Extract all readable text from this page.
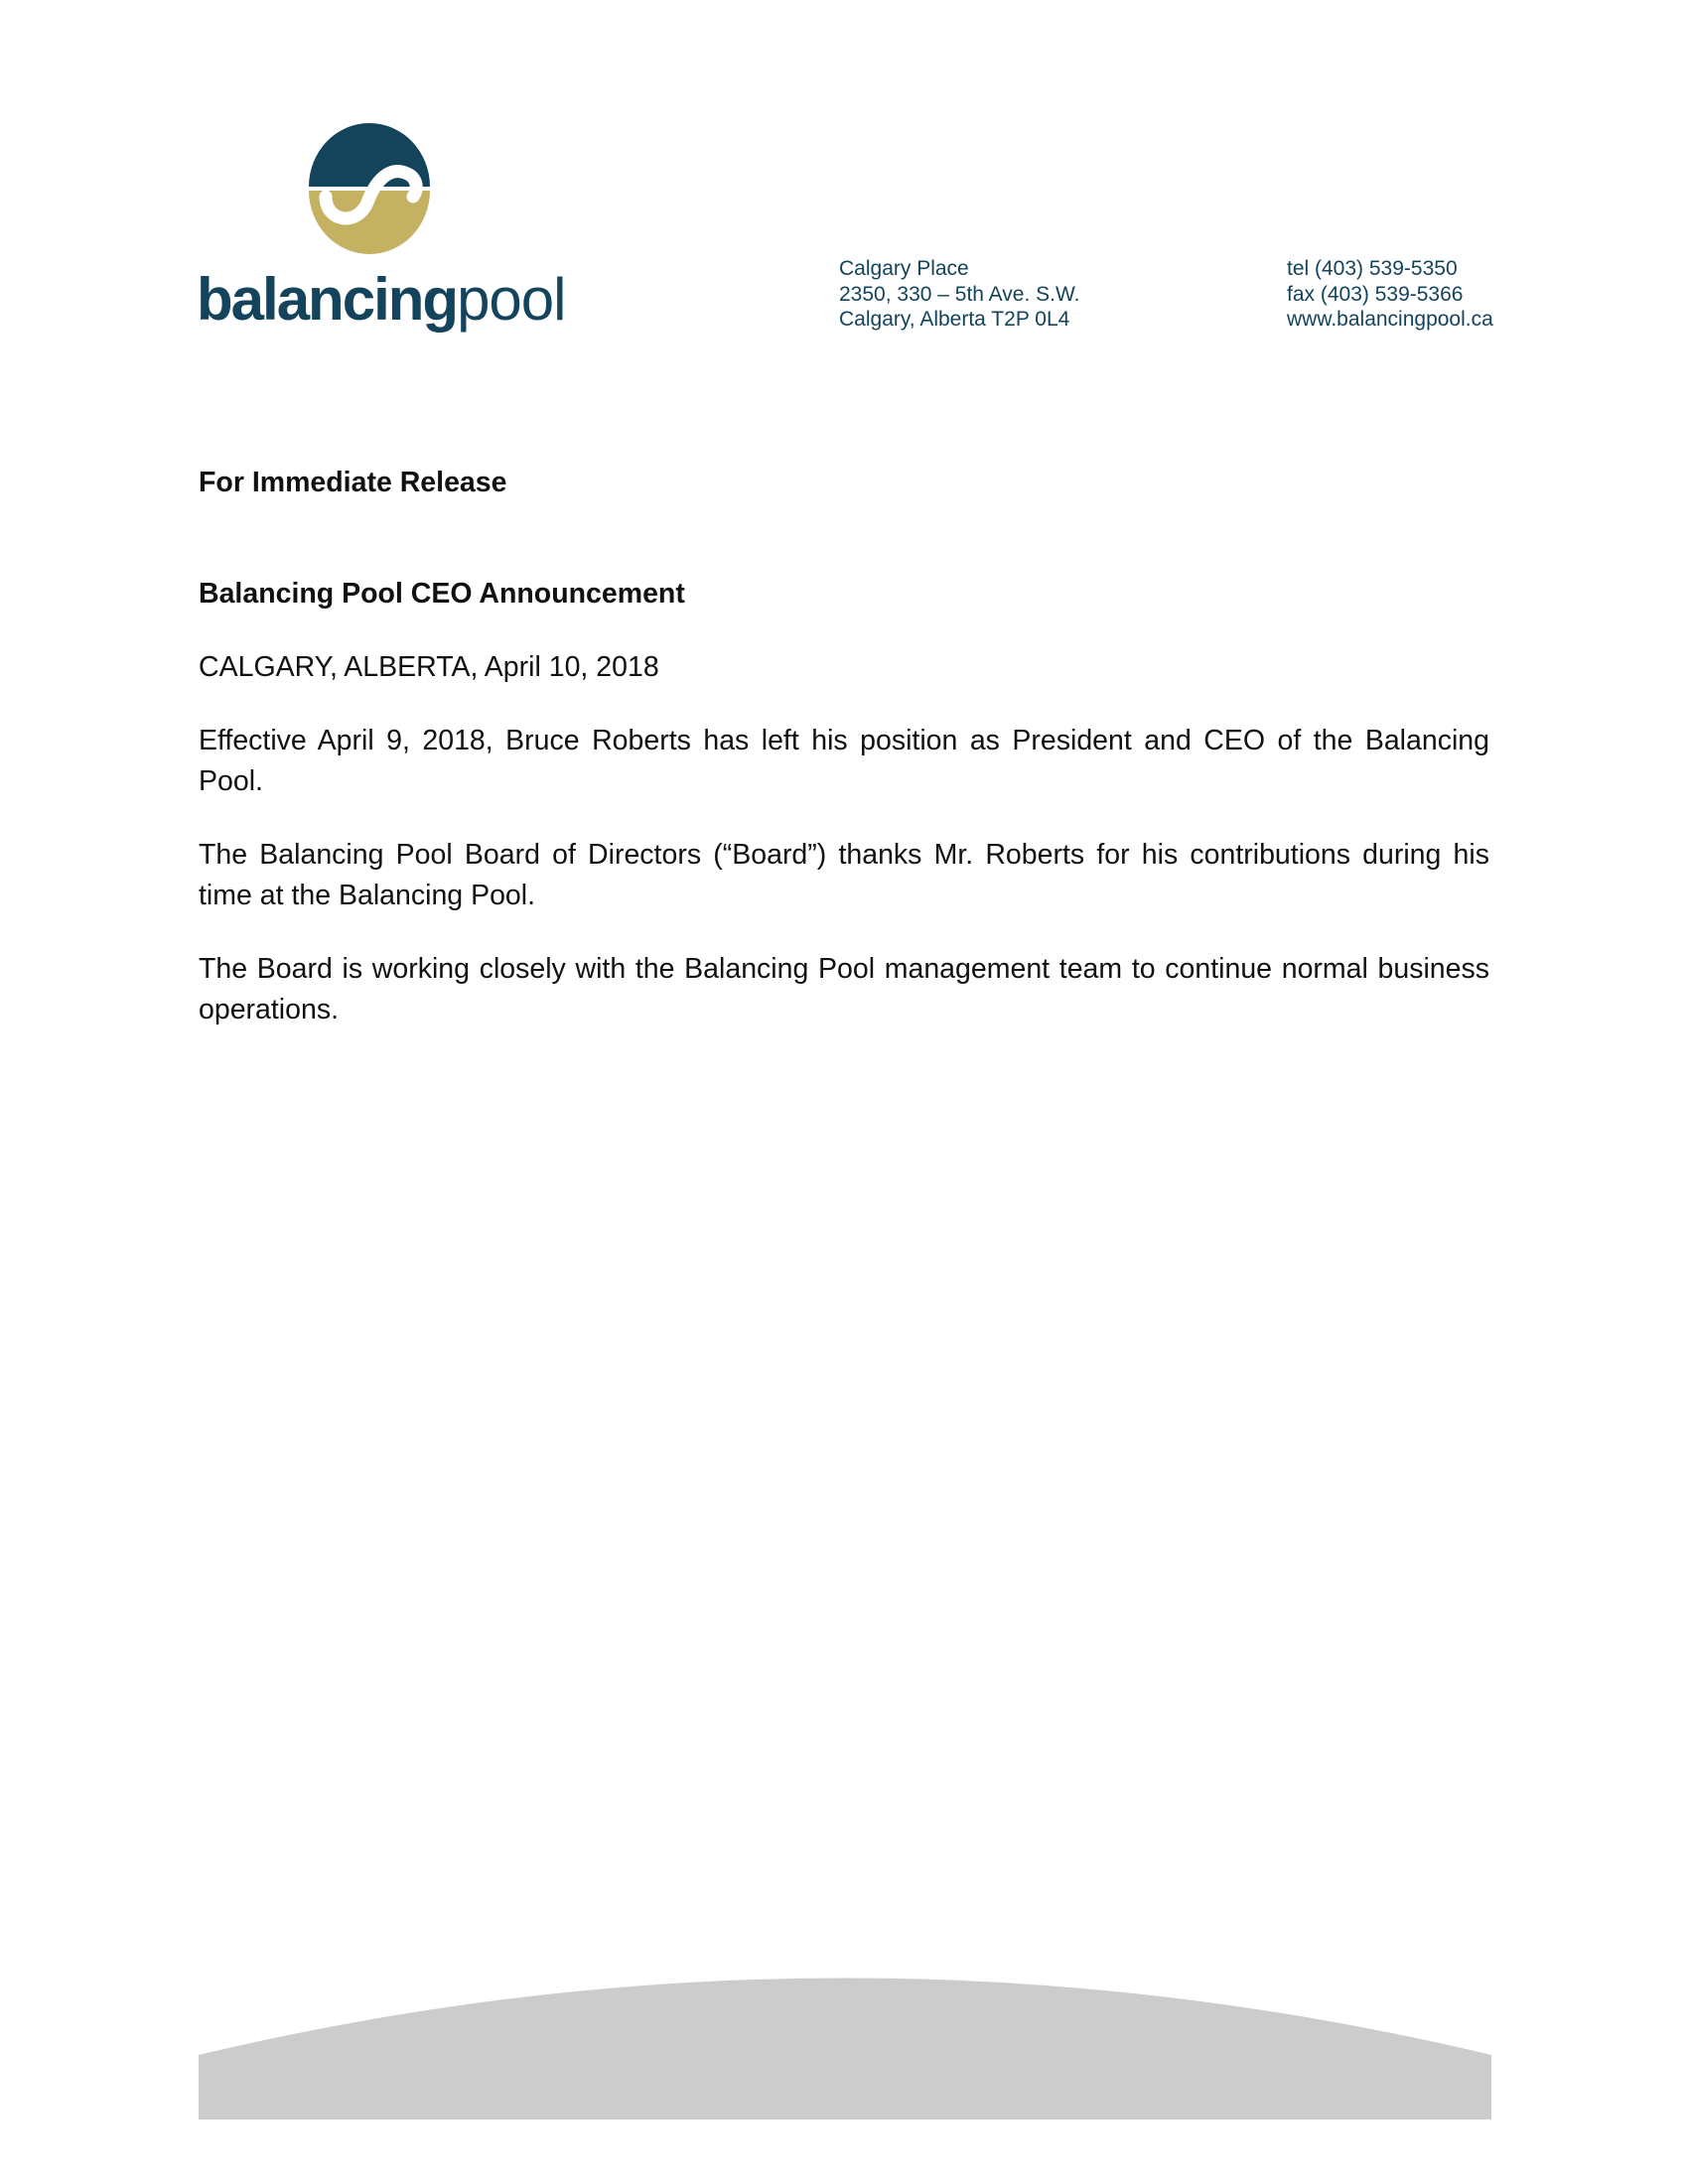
balancingpool	Calgary Place
2350, 330 – 5th Ave. S.W.
Calgary, Alberta T2P 0L4
tel (403) 539-5350
fax (403) 539-5366
www.balancingpool.ca

For Immediate Release

Balancing Pool CEO Announcement

CALGARY, ALBERTA, April 10, 2018

Effective April 9, 2018, Bruce Roberts has left his position as President and CEO of the Balancing Pool.

The Balancing Pool Board of Directors (“Board”) thanks Mr. Roberts for his contributions during his time at the Balancing Pool.

The Board is working closely with the Balancing Pool management team to continue normal business operations.
